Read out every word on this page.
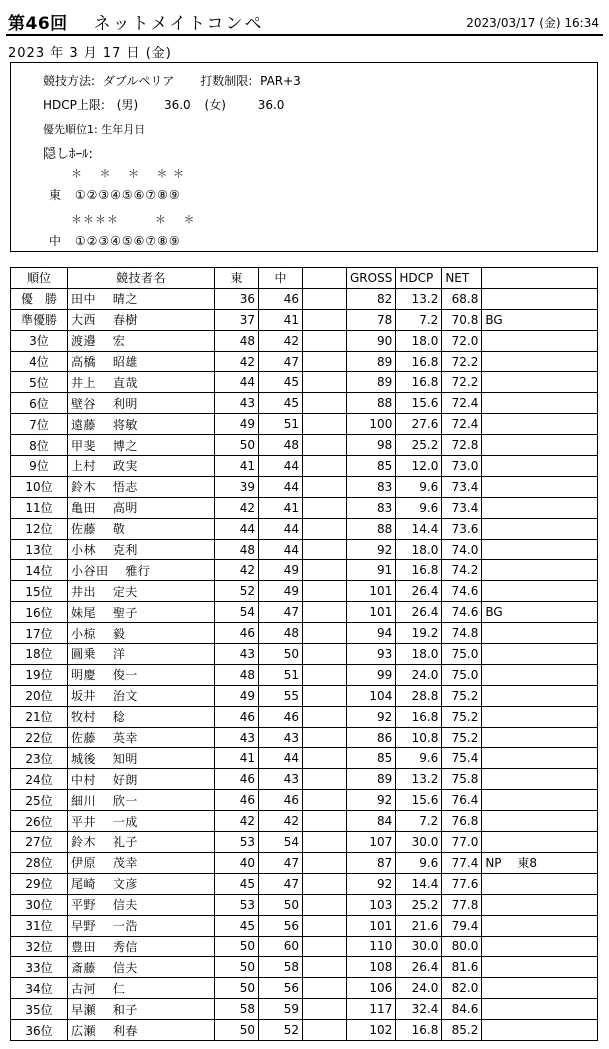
第46回 ネットメイトコンペ	2023/03/17 (金) 16:34
2023 年 3 月 17 日 (金)
競技方法: ダブルペリア 打数制限: PAR+3
HDCP上限: (男) 36.0 (女)	36.0
優先順位1: 生年月日
隠しﾎｰﾙ:
＊　 ＊　 ＊　 ＊ ＊
東 ①②③④⑤⑥⑦⑧⑨
＊＊＊＊　　　＊　 ＊
中 ①②③④⑤⑥⑦⑧⑨
順位	競技者名	東	中		GROSS	HDCP	NET	
優　勝	田中　 晴之	36	46		82	13.2	68.8	
準優勝	大西　 春樹	37	41		78	7.2	70.8	BG
3位	渡邉　 宏	48	42		90	18.0	72.0	
4位	高橋　 昭雄	42	47		89	16.8	72.2	
5位	井上　 直哉	44	45		89	16.8	72.2	
6位	壁谷　 利明	43	45		88	15.6	72.4	
7位	遠藤　 将敏	49	51		100	27.6	72.4	
8位	甲斐　 博之	50	48		98	25.2	72.8	
9位	上村　 政実	41	44		85	12.0	73.0	
10位	鈴木　 悟志	39	44		83	9.6	73.4	
11位	亀田　 高明	42	41		83	9.6	73.4	
12位	佐藤　 敬	44	44		88	14.4	73.6	
13位	小林　 克利	48	44		92	18.0	74.0	
14位	小谷田　 雅行	42	49		91	16.8	74.2	
15位	井出　 定夫	52	49		101	26.4	74.6	
16位	妹尾　 聖子	54	47		101	26.4	74.6	BG
17位	小椋　 毅	46	48		94	19.2	74.8	
18位	圓乗　 洋	43	50		93	18.0	75.0	
19位	明慶　 俊一	48	51		99	24.0	75.0	
20位	坂井　 治文	49	55		104	28.8	75.2	
21位	牧村　 稔	46	46		92	16.8	75.2	
22位	佐藤　 英幸	43	43		86	10.8	75.2	
23位	城後　 知明	41	44		85	9.6	75.4	
24位	中村　 好朗	46	43		89	13.2	75.8	
25位	細川　 欣一	46	46		92	15.6	76.4	
26位	平井　 一成	42	42		84	7.2	76.8	
27位	鈴木　 礼子	53	54		107	30.0	77.0	
28位	伊原　 茂幸	40	47		87	9.6	77.4	NP　 東8
29位	尾崎　 文彦	45	47		92	14.4	77.6	
30位	平野　 信夫	53	50		103	25.2	77.8	
31位	早野　 一浩	45	56		101	21.6	79.4	
32位	豊田　 秀信	50	60		110	30.0	80.0	
33位	斎藤　 信夫	50	58		108	26.4	81.6	
34位	古河　 仁	50	56		106	24.0	82.0	
35位	早瀬　 和子	58	59		117	32.4	84.6	
36位	広瀬　 利春	50	52		102	16.8	85.2	
